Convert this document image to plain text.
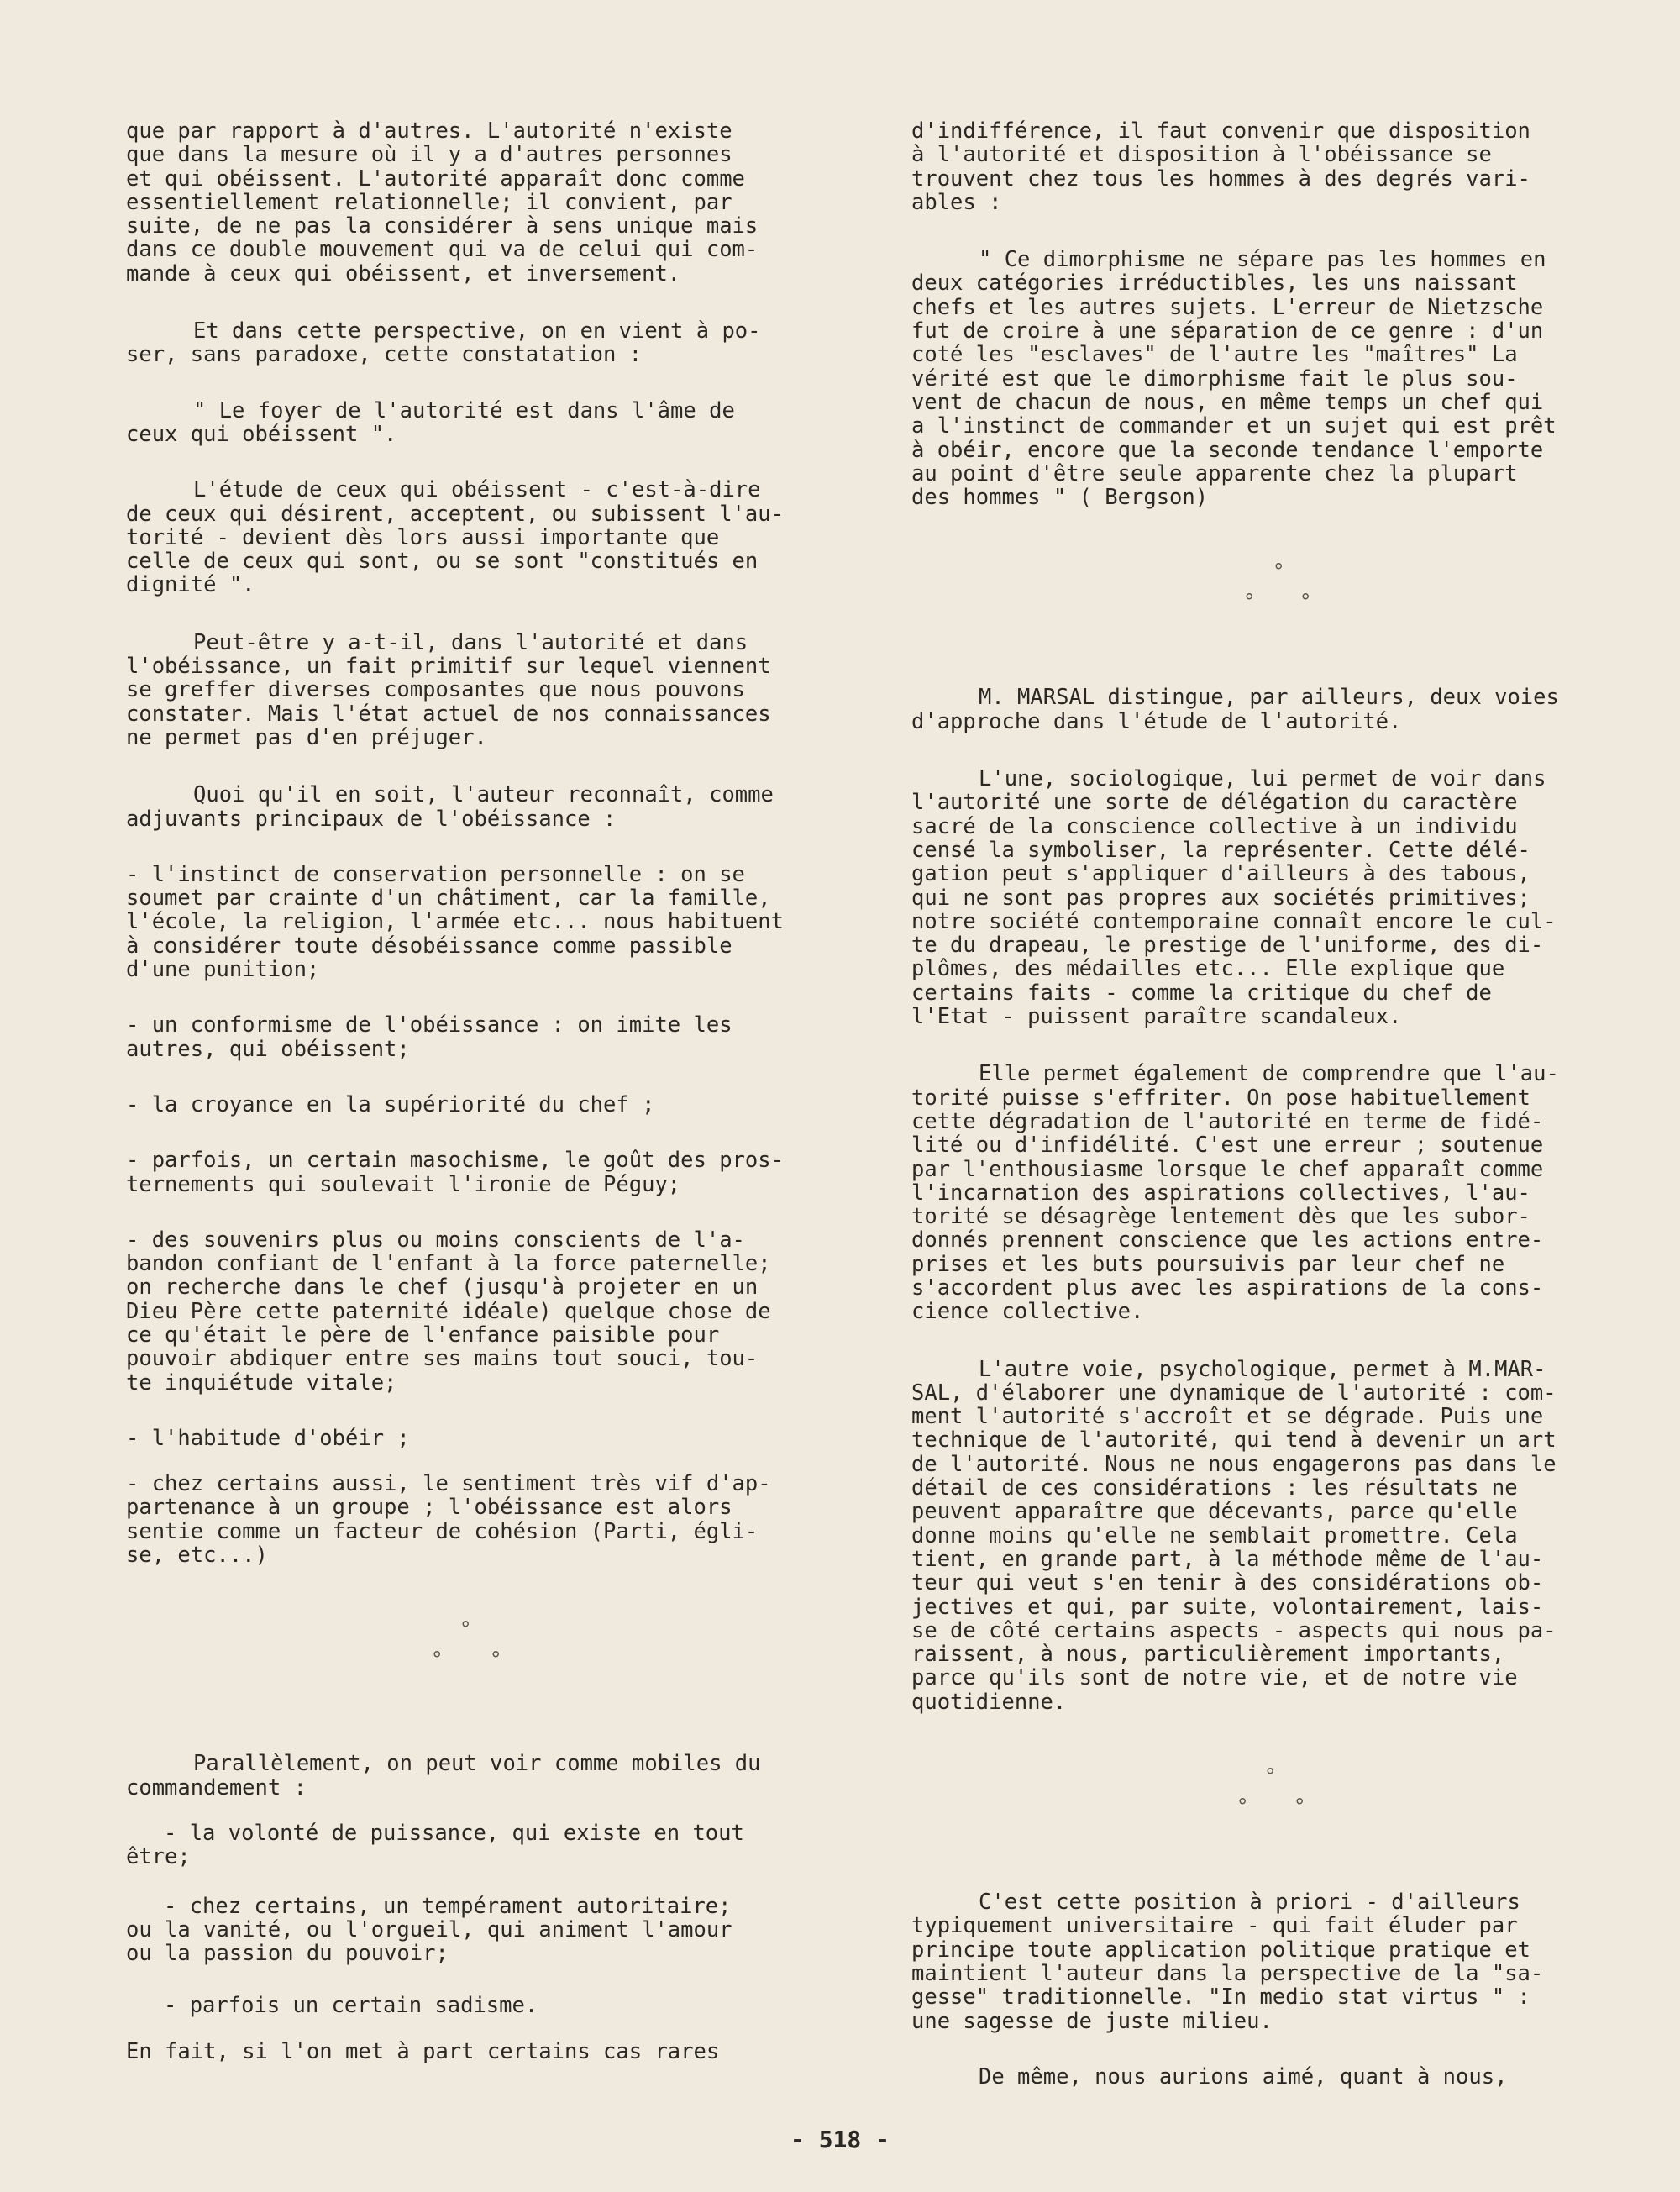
que par rapport à d'autres. L'autorité n'existe
que dans la mesure où il y a d'autres personnes
et qui obéissent. L'autorité apparaît donc comme
essentiellement relationnelle; il convient, par
suite, de ne pas la considérer à sens unique mais
dans ce double mouvement qui va de celui qui com-
mande à ceux qui obéissent, et inversement.

Et dans cette perspective, on en vient à po-
ser, sans paradoxe, cette constatation :

" Le foyer de l'autorité est dans l'âme de
ceux qui obéissent ".

L'étude de ceux qui obéissent - c'est-à-dire
de ceux qui désirent, acceptent, ou subissent l'au-
torité - devient dès lors aussi importante que
celle de ceux qui sont, ou se sont "constitués en
dignité ".

Peut-être y a-t-il, dans l'autorité et dans
l'obéissance, un fait primitif sur lequel viennent
se greffer diverses composantes que nous pouvons
constater. Mais l'état actuel de nos connaissances
ne permet pas d'en préjuger.

Quoi qu'il en soit, l'auteur reconnaît, comme
adjuvants principaux de l'obéissance :

- l'instinct de conservation personnelle : on se
soumet par crainte d'un châtiment, car la famille,
l'école, la religion, l'armée etc... nous habituent
à considérer toute désobéissance comme passible
d'une punition;

- un conformisme de l'obéissance : on imite les
autres, qui obéissent;

- la croyance en la supériorité du chef ;

- parfois, un certain masochisme, le goût des pros-
ternements qui soulevait l'ironie de Péguy;

- des souvenirs plus ou moins conscients de l'a-
bandon confiant de l'enfant à la force paternelle;
on recherche dans le chef (jusqu'à projeter en un
Dieu Père cette paternité idéale) quelque chose de
ce qu'était le père de l'enfance paisible pour
pouvoir abdiquer entre ses mains tout souci, tou-
te inquiétude vitale;

- l'habitude d'obéir ;

- chez certains aussi, le sentiment très vif d'ap-
partenance à un groupe ; l'obéissance est alors
sentie comme un facteur de cohésion (Parti, égli-
se, etc...)

°
° °

Parallèlement, on peut voir comme mobiles du
commandement :

- la volonté de puissance, qui existe en tout
être;

- chez certains, un tempérament autoritaire;
ou la vanité, ou l'orgueil, qui animent l'amour
ou la passion du pouvoir;

- parfois un certain sadisme.

En fait, si l'on met à part certains cas rares

d'indifférence, il faut convenir que disposition
à l'autorité et disposition à l'obéissance se
trouvent chez tous les hommes à des degrés vari-
ables :

" Ce dimorphisme ne sépare pas les hommes en
deux catégories irréductibles, les uns naissant
chefs et les autres sujets. L'erreur de Nietzsche
fut de croire à une séparation de ce genre : d'un
coté les "esclaves" de l'autre les "maîtres" La
vérité est que le dimorphisme fait le plus sou-
vent de chacun de nous, en même temps un chef qui
a l'instinct de commander et un sujet qui est prêt
à obéir, encore que la seconde tendance l'emporte
au point d'être seule apparente chez la plupart
des hommes " ( Bergson)

°
° °

M. MARSAL distingue, par ailleurs, deux voies
d'approche dans l'étude de l'autorité.

L'une, sociologique, lui permet de voir dans
l'autorité une sorte de délégation du caractère
sacré de la conscience collective à un individu
censé la symboliser, la représenter. Cette délé-
gation peut s'appliquer d'ailleurs à des tabous,
qui ne sont pas propres aux sociétés primitives;
notre société contemporaine connaît encore le cul-
te du drapeau, le prestige de l'uniforme, des di-
plômes, des médailles etc... Elle explique que
certains faits - comme la critique du chef de
l'Etat - puissent paraître scandaleux.

Elle permet également de comprendre que l'au-
torité puisse s'effriter. On pose habituellement
cette dégradation de l'autorité en terme de fidé-
lité ou d'infidélité. C'est une erreur ; soutenue
par l'enthousiasme lorsque le chef apparaît comme
l'incarnation des aspirations collectives, l'au-
torité se désagrège lentement dès que les subor-
donnés prennent conscience que les actions entre-
prises et les buts poursuivis par leur chef ne
s'accordent plus avec les aspirations de la cons-
cience collective.

L'autre voie, psychologique, permet à M.MAR-
SAL, d'élaborer une dynamique de l'autorité : com-
ment l'autorité s'accroît et se dégrade. Puis une
technique de l'autorité, qui tend à devenir un art
de l'autorité. Nous ne nous engagerons pas dans le
détail de ces considérations : les résultats ne
peuvent apparaître que décevants, parce qu'elle
donne moins qu'elle ne semblait promettre. Cela
tient, en grande part, à la méthode même de l'au-
teur qui veut s'en tenir à des considérations ob-
jectives et qui, par suite, volontairement, lais-
se de côté certains aspects - aspects qui nous pa-
raissent, à nous, particulièrement importants,
parce qu'ils sont de notre vie, et de notre vie
quotidienne.

°
° °

C'est cette position à priori - d'ailleurs
typiquement universitaire - qui fait éluder par
principe toute application politique pratique et
maintient l'auteur dans la perspective de la "sa-
gesse" traditionnelle. "In medio stat virtus " :
une sagesse de juste milieu.

De même, nous aurions aimé, quant à nous,

- 518 -
